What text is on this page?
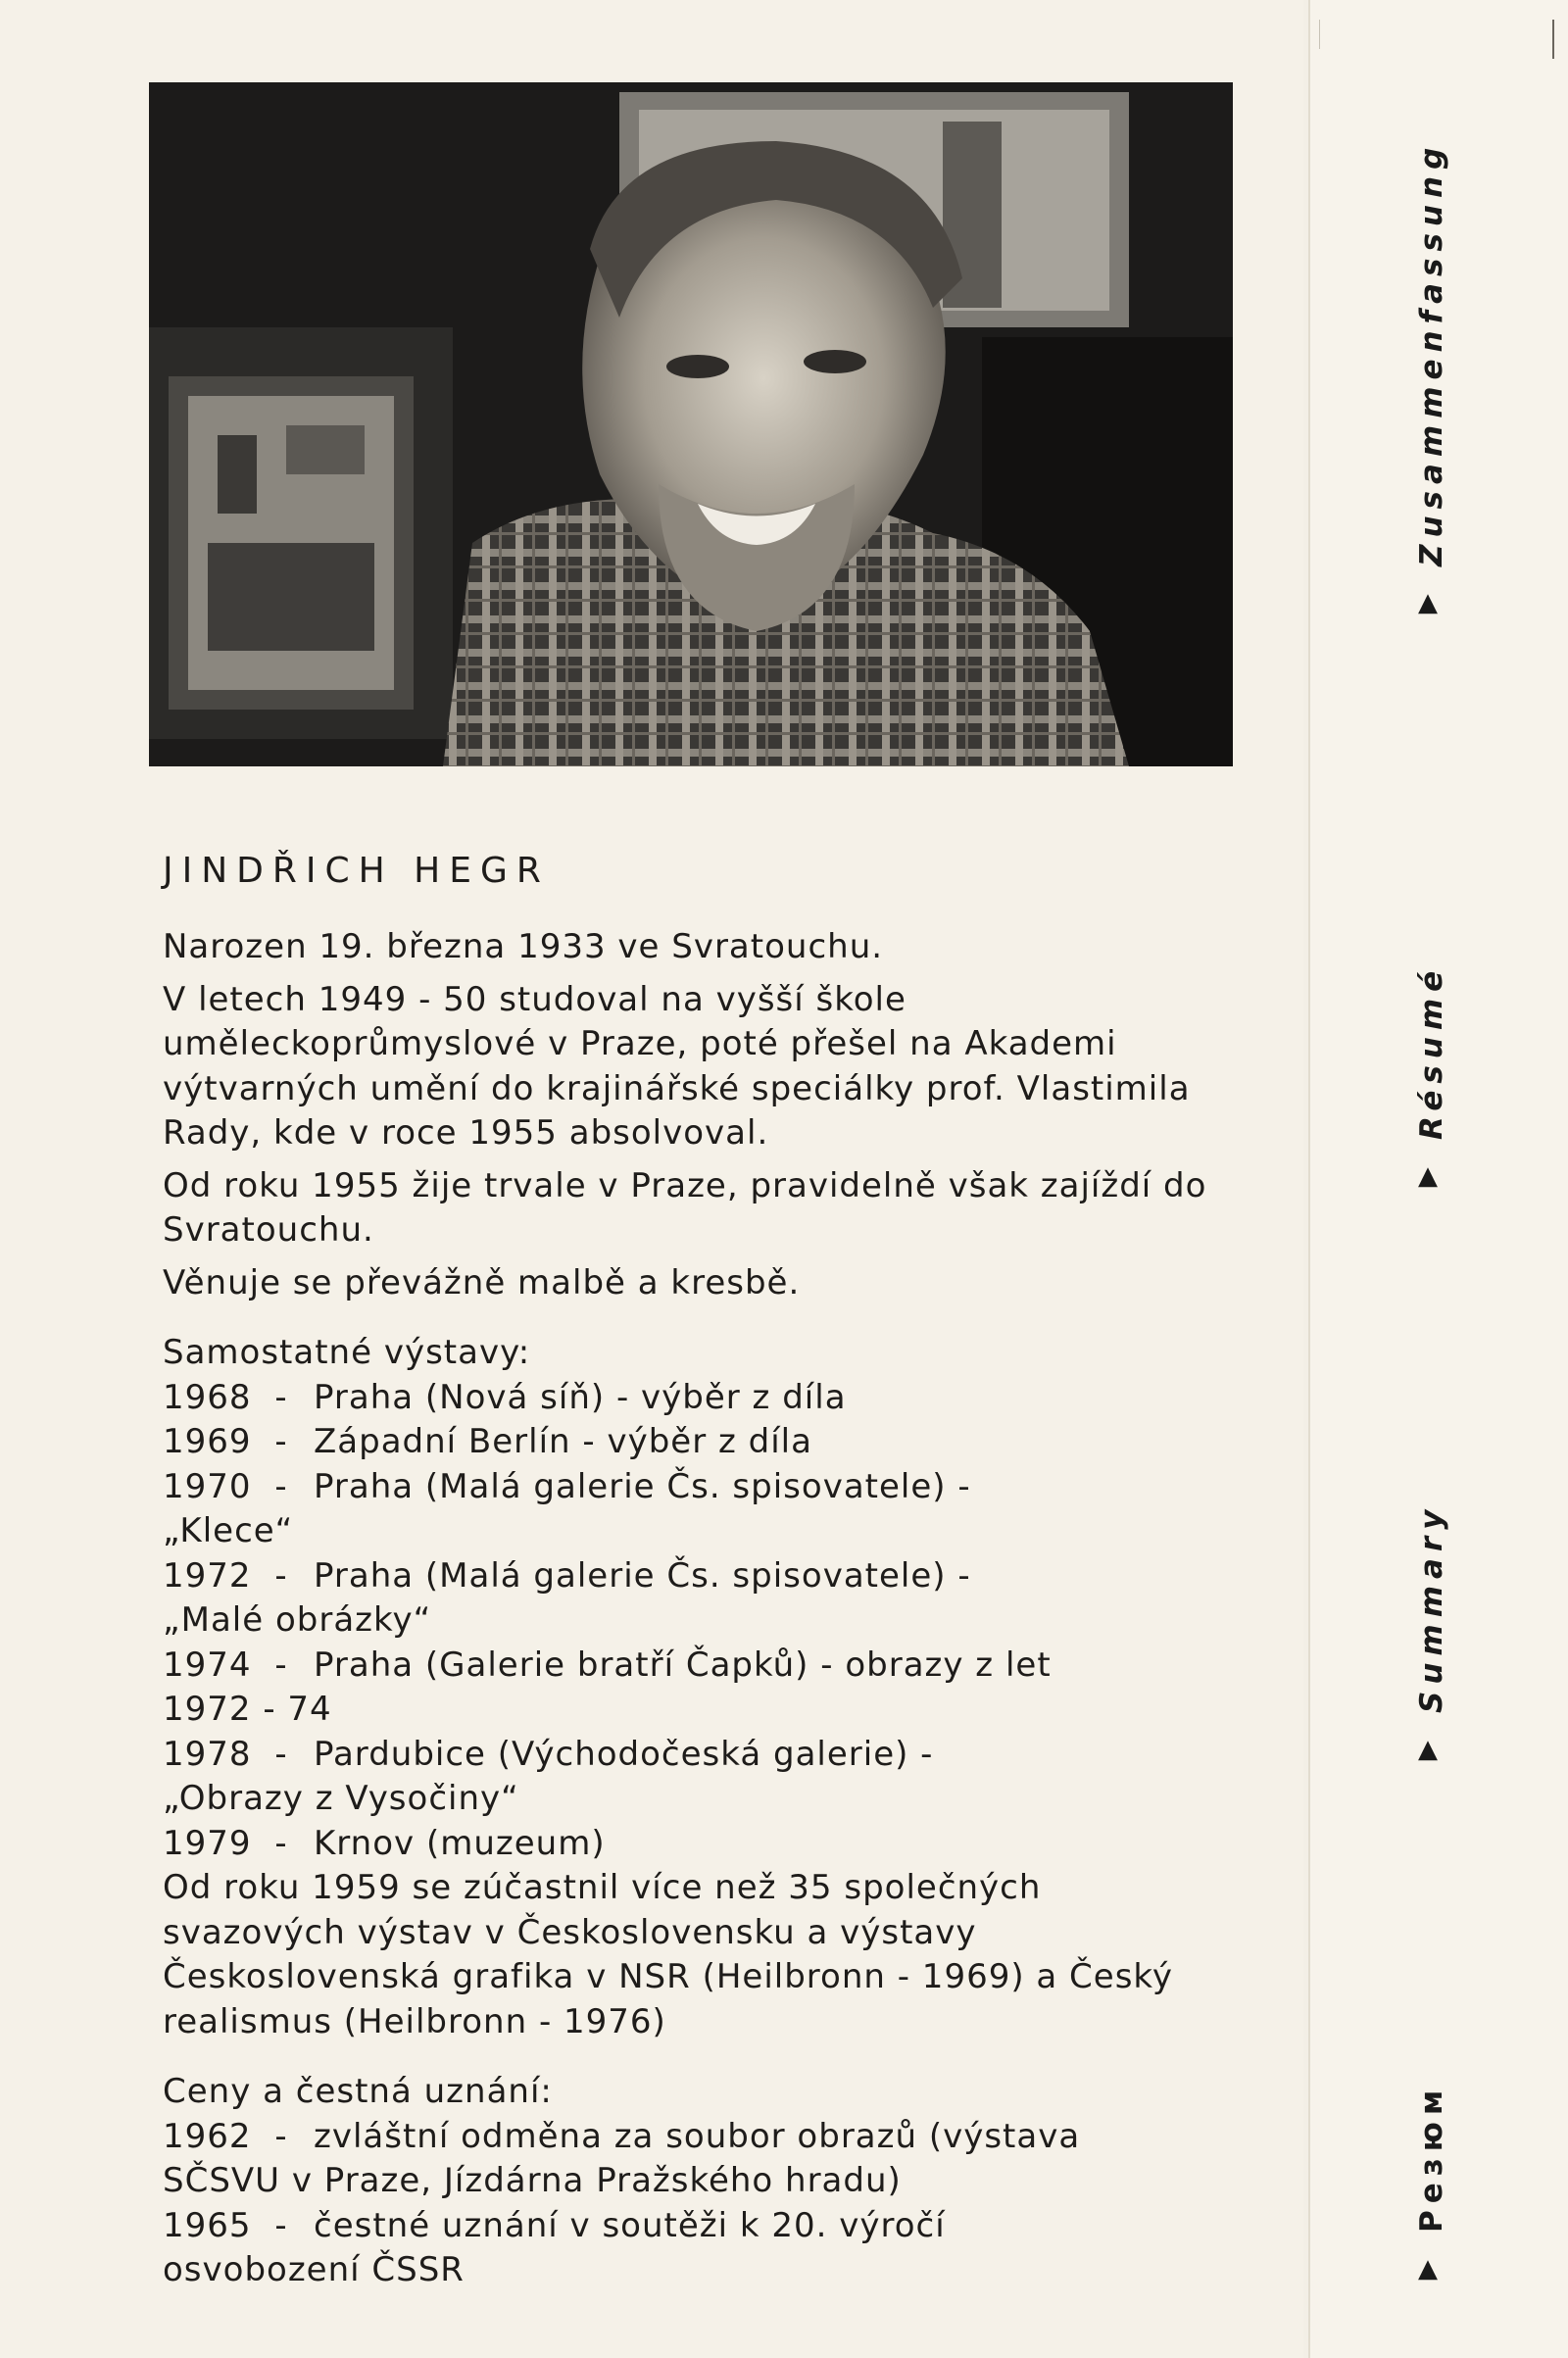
JINDŘICH HEGR

Narozen 19. března 1933 ve Svratouchu.

V letech 1949 - 50 studoval na vyšší škole uměleckoprůmyslové v Praze, poté přešel na Akademi výtvarných umění do krajinářské speciálky prof. Vlastimila Rady, kde v roce 1955 absolvoval.

Od roku 1955 žije trvale v Praze, pravidelně však zajíždí do Svratouchu.

Věnuje se převážně malbě a kresbě.

Samostatné výstavy:
1968 - Praha (Nová síň) - výběr z díla
1969 - Západní Berlín - výběr z díla
1970 - Praha (Malá galerie Čs. spisovatele) -
„Klece“
1972 - Praha (Malá galerie Čs. spisovatele) -
„Malé obrázky“
1974 - Praha (Galerie bratří Čapků) - obrazy z let
1972 - 74
1978 - Pardubice (Východočeská galerie) -
„Obrazy z Vysočiny“
1979 - Krnov (muzeum)

Od roku 1959 se zúčastnil více než 35 společných svazových výstav v Československu a výstavy Československá grafika v NSR (Heilbronn - 1969) a Český realismus (Heilbronn - 1976)

Ceny a čestná uznání:
1962 - zvláštní odměna za soubor obrazů (výstava
SČSVU v Praze, Jízdárna Pražského hradu)
1965 - čestné uznání v soutěži k 20. výročí
osvobození ČSSR
▲
Zusammenfassung
▲
Résumé
▲
Summary
▲
Pезюм
